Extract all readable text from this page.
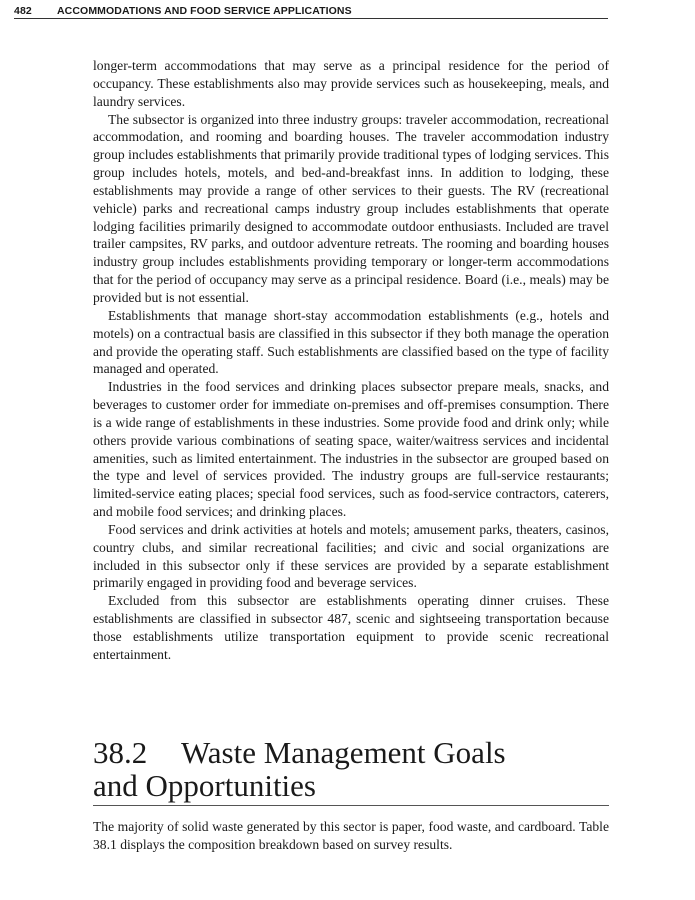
482 ACCOMMODATIONS AND FOOD SERVICE APPLICATIONS

longer-term accommodations that may serve as a principal residence for the period of occupancy. These establishments also may provide services such as housekeeping, meals, and laundry services.

The subsector is organized into three industry groups: traveler accommodation, recreational accommodation, and rooming and boarding houses. The traveler accommodation industry group includes establishments that primarily provide traditional types of lodging services. This group includes hotels, motels, and bed-and-breakfast inns. In addition to lodging, these establishments may provide a range of other services to their guests. The RV (recreational vehicle) parks and recreational camps industry group includes establishments that operate lodging facilities primarily designed to accommodate outdoor enthusiasts. Included are travel trailer campsites, RV parks, and outdoor adventure retreats. The rooming and boarding houses industry group includes establishments providing temporary or longer-term accommodations that for the period of occupancy may serve as a principal residence. Board (i.e., meals) may be provided but is not essential.

Establishments that manage short-stay accommodation establishments (e.g., hotels and motels) on a contractual basis are classified in this subsector if they both manage the operation and provide the operating staff. Such establishments are classified based on the type of facility managed and operated.

Industries in the food services and drinking places subsector prepare meals, snacks, and beverages to customer order for immediate on-premises and off-premises consumption. There is a wide range of establishments in these industries. Some provide food and drink only; while others provide various combinations of seating space, waiter/​waitress services and incidental amenities, such as limited entertainment. The industries in the subsector are grouped based on the type and level of services provided. The industry groups are full-service restaurants; limited-service eating places; special food services, such as food-service contractors, caterers, and mobile food services; and drinking places.

Food services and drink activities at hotels and motels; amusement parks, theaters, casinos, country clubs, and similar recreational facilities; and civic and social organizations are included in this subsector only if these services are provided by a separate establishment primarily engaged in providing food and beverage services.

Excluded from this subsector are establishments operating dinner cruises. These establishments are classified in subsector 487, scenic and sightseeing transportation because those establishments utilize transportation equipment to provide scenic recreational entertainment.

38.2 Waste Management Goals
and Opportunities

The majority of solid waste generated by this sector is paper, food waste, and cardboard. Table 38.1 displays the composition breakdown based on survey results.
